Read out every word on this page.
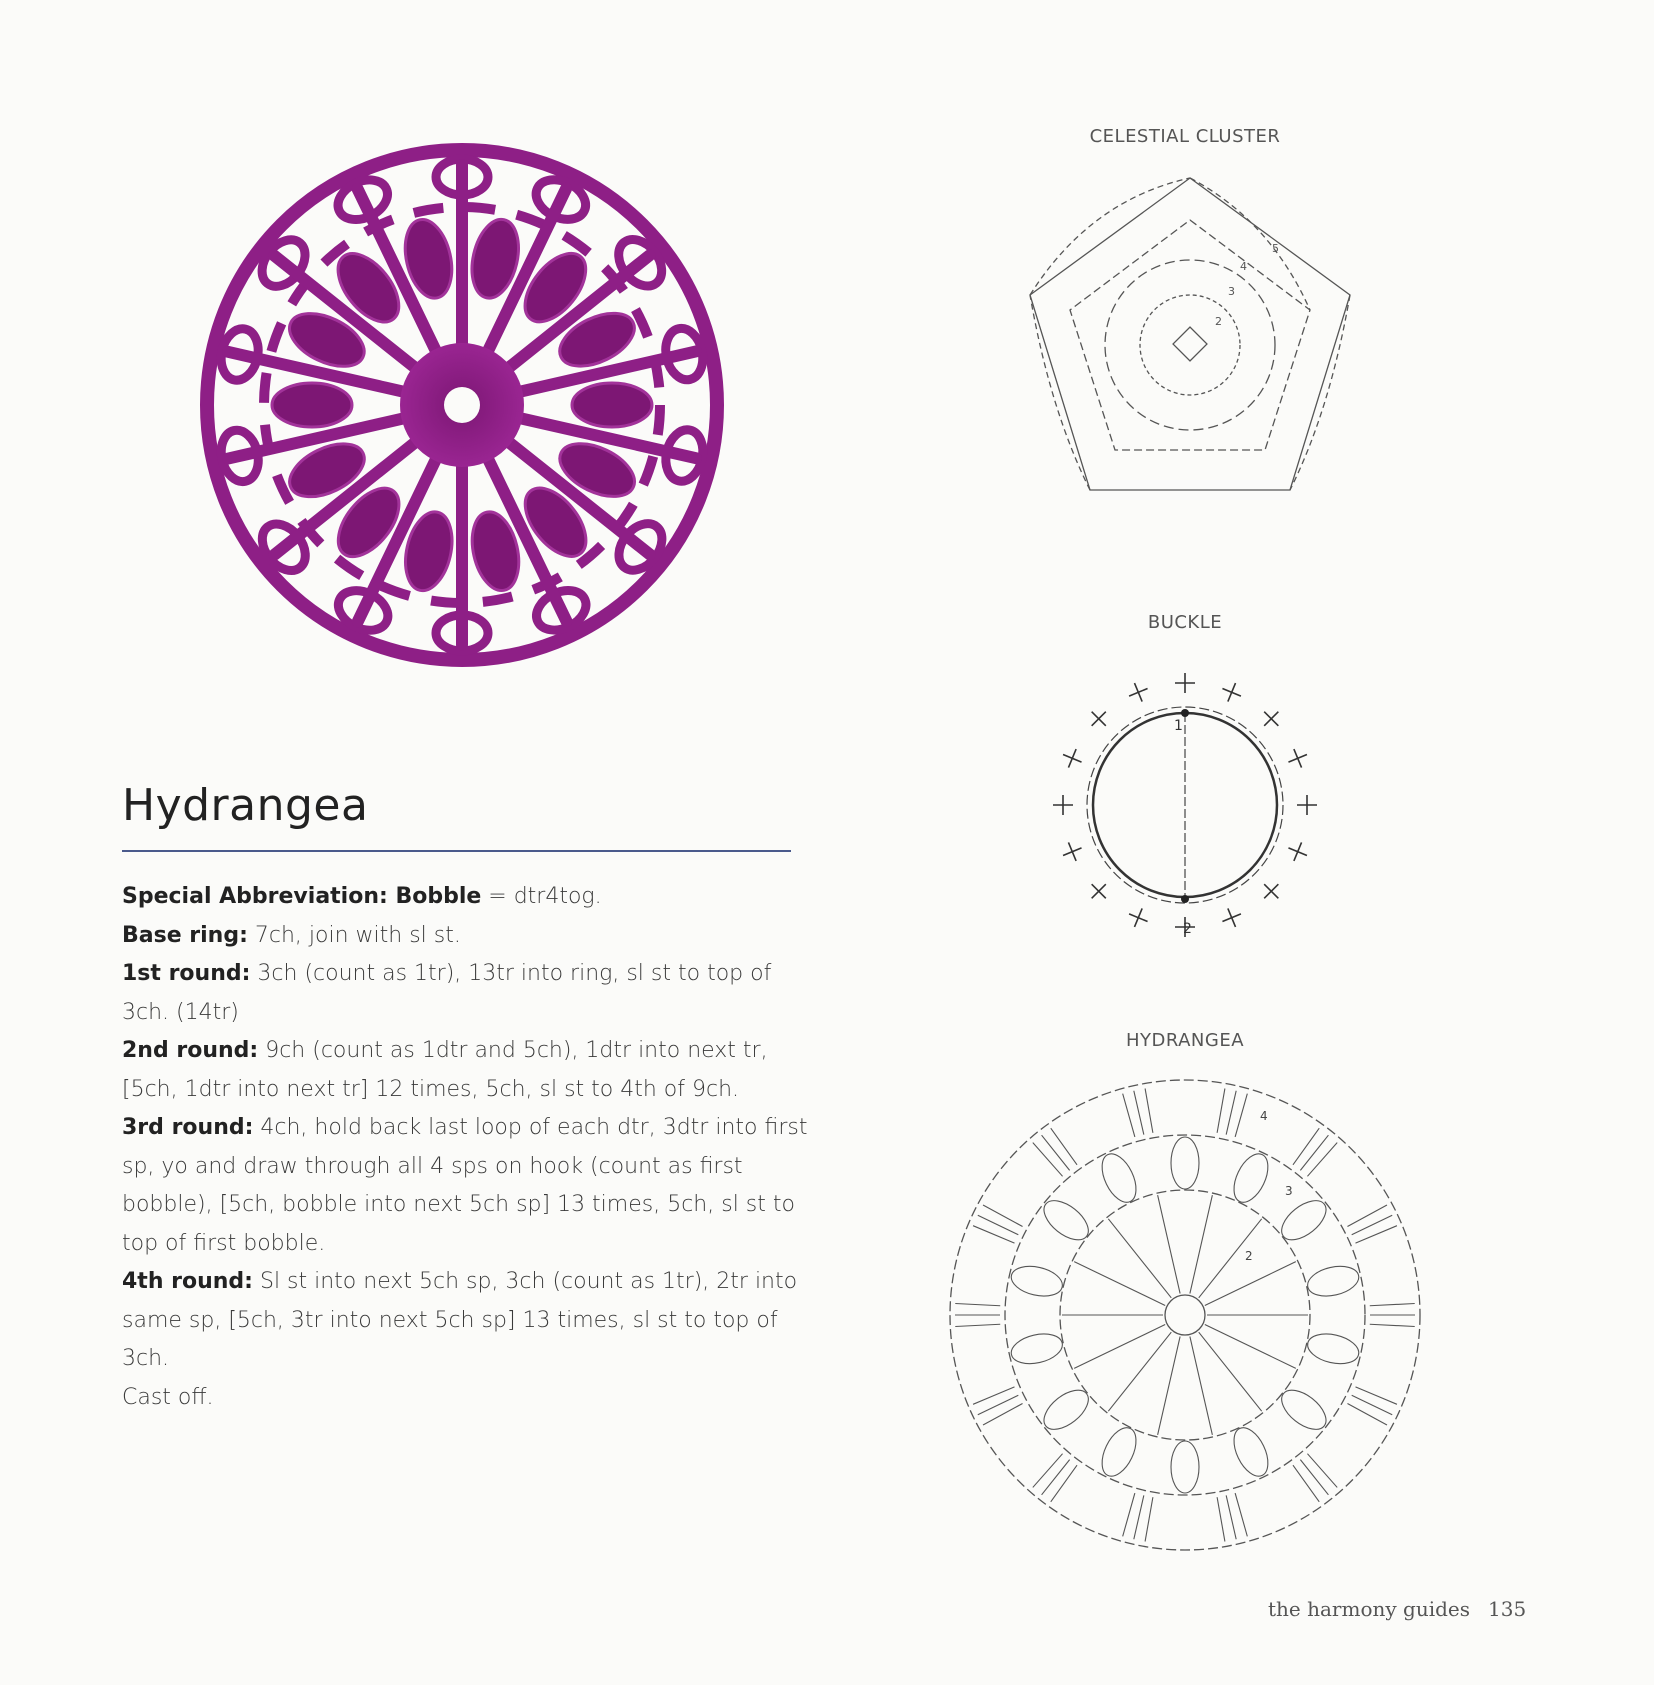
Hydrangea

Special Abbreviation: Bobble = dtr4tog.

Base ring: 7ch, join with sl st.

1st round: 3ch (count as 1tr), 13tr into ring, sl st to top of 3ch. (14tr)

2nd round: 9ch (count as 1dtr and 5ch), 1dtr into next tr, [5ch, 1dtr into next tr] 12 times, 5ch, sl st to 4th of 9ch.

3rd round: 4ch, hold back last loop of each dtr, 3dtr into first sp, yo and draw through all 4 sps on hook (count as first bobble), [5ch, bobble into next 5ch sp] 13 times, 5ch, sl st to top of first bobble.

4th round: Sl st into next 5ch sp, 3ch (count as 1tr), 2tr into same sp, [5ch, 3tr into next 5ch sp] 13 times, sl st to top of 3ch.

Cast off.

CELESTIAL CLUSTER
2
3
4
5
BUCKLE
1
2
HYDRANGEA
2
3
4
the harmony guides 135
